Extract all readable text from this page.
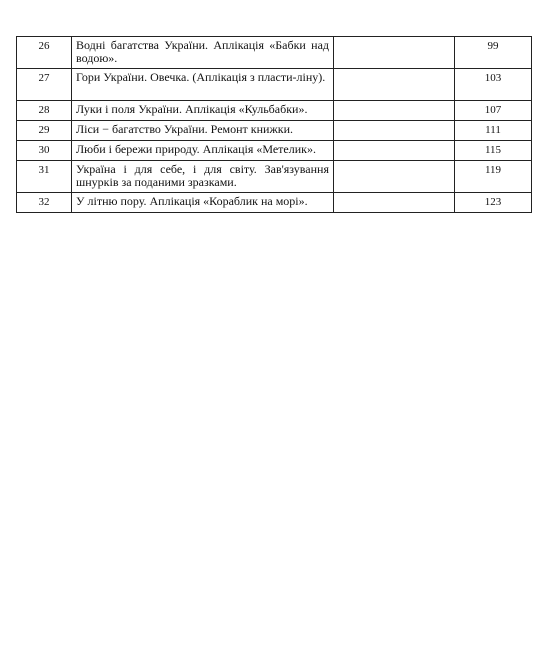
26	Водні багатства України. Аплікація «Бабки над водою».		99
27	Гори України. Овечка. (Аплікація з пласти-ліну).		103
28	Луки і поля України. Аплікація «Кульбабки».		107
29	Ліси − багатство України. Ремонт книжки.		111
30	Люби і бережи природу. Аплікація «Метелик».		115
31	Україна і для себе, і для світу. Зав'язування шнурків за поданими зразками.		119
32	У літню пору. Аплікація «Кораблик на морі».		123
